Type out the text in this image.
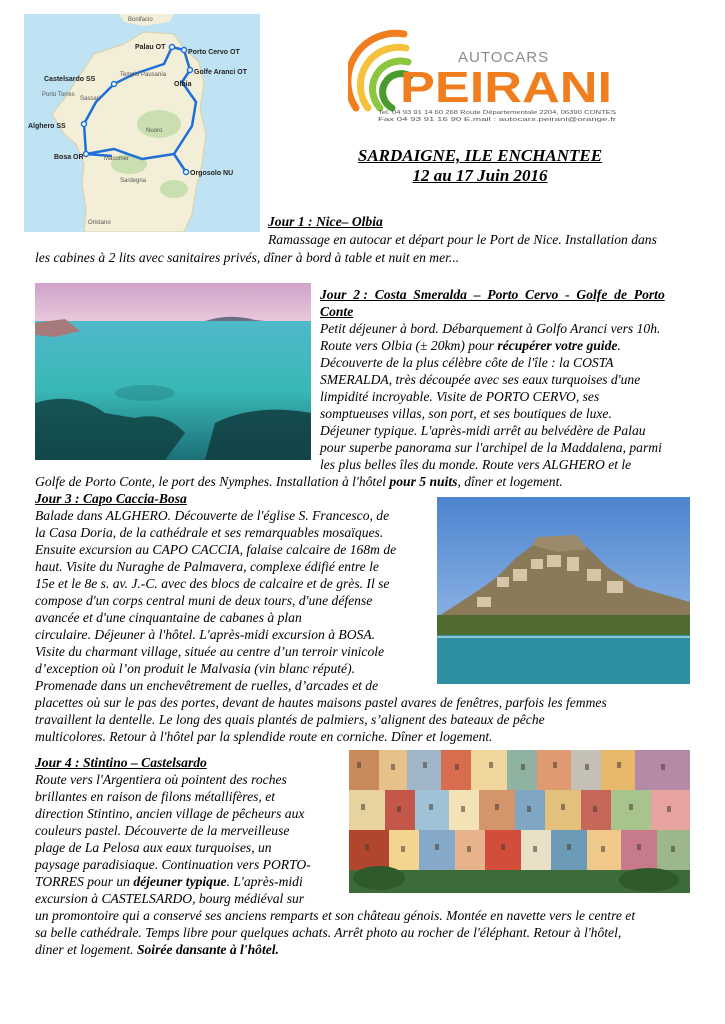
Bonifacio
Palau OT
Porto Cervo OT
Golfe Aranci OT
Olbia
Castelsardo SS
Porto Torres
Tempio Pausania
Sassari
Alghero SS
Nuoro
Bosa OR	Macomer
Orgosolo NU
Sardegna
Oristano
AUTOCARS
PEIRANI
Tel. 04 93 91 14 60 268 Route Départementale 2204, 06390 CONTES
Fax 04 93 91 16 90 E.mail : autocars.peirani@orange.fr
SARDAIGNE, ILE ENCHANTEE
12 au 17 Juin 2016
Jour 1 : Nice– Olbia
Ramassage en autocar et départ pour le Port de Nice. Installation dans
les cabines à 2 lits avec sanitaires privés, dîner à bord à table et nuit en mer...
Jour  2 :  Costa  Smeralda  –  Porto  Cervo  -  Golfe  de  Porto
Conte
Petit déjeuner à bord. Débarquement à Golfo Aranci vers 10h.
Route vers Olbia (± 20km) pour récupérer votre guide.
Découverte de la plus célèbre côte de l'île : la COSTA
SMERALDA, très découpée avec ses eaux turquoises d'une
limpidité incroyable. Visite de PORTO CERVO, ses
somptueuses villas, son port, et ses boutiques de luxe.
Déjeuner typique. L'après-midi arrêt au belvédère de Palau
pour superbe panorama sur l'archipel de la Maddalena, parmi
les plus belles îles du monde. Route vers ALGHERO et le
Golfe de Porto Conte, le port des Nymphes. Installation à l'hôtel pour 5 nuits, dîner et logement.
Jour 3 : Capo Caccia-Bosa
Balade dans ALGHERO. Découverte de l'église S. Francesco, de
la Casa Doria, de la cathédrale et ses remarquables mosaïques.
Ensuite excursion au CAPO CACCIA, falaise calcaire de 168m de
haut. Visite du Nuraghe de Palmavera, complexe édifié entre le
15e et le 8e s. av. J.-C. avec des blocs de calcaire et de grès. Il se
compose d'un corps central muni de deux tours, d'une défense
avancée et d'une cinquantaine de cabanes à plan
circulaire. Déjeuner à l'hôtel. L'après-midi excursion à BOSA.
Visite du charmant village, située au centre d’un terroir vinicole
d’exception où l’on produit le Malvasia (vin blanc réputé).
Promenade dans un enchevêtrement de ruelles, d’arcades et de
placettes où sur le pas des portes, devant de hautes maisons pastel avares de fenêtres, parfois les femmes
travaillent la dentelle. Le long des quais plantés de palmiers, s’alignent des bateaux de pêche
multicolores. Retour à l'hôtel par la splendide route en corniche. Dîner et logement.
Jour 4 : Stintino – Castelsardo
Route vers l'Argentiera où pointent des roches
brillantes en raison de filons métallifères, et
direction Stintino, ancien village de pêcheurs aux
couleurs pastel. Découverte de la merveilleuse
plage de La Pelosa aux eaux turquoises, un
paysage paradisiaque. Continuation vers PORTO-
TORRES pour un déjeuner typique. L'après-midi
excursion à CASTELSARDO, bourg médiéval sur
un promontoire qui a conservé ses anciens remparts et son château génois. Montée en navette vers le centre et
sa belle cathédrale. Temps libre pour quelques achats. Arrêt photo au rocher de l'éléphant. Retour à l'hôtel,
diner et logement. Soirée dansante à l'hôtel.
